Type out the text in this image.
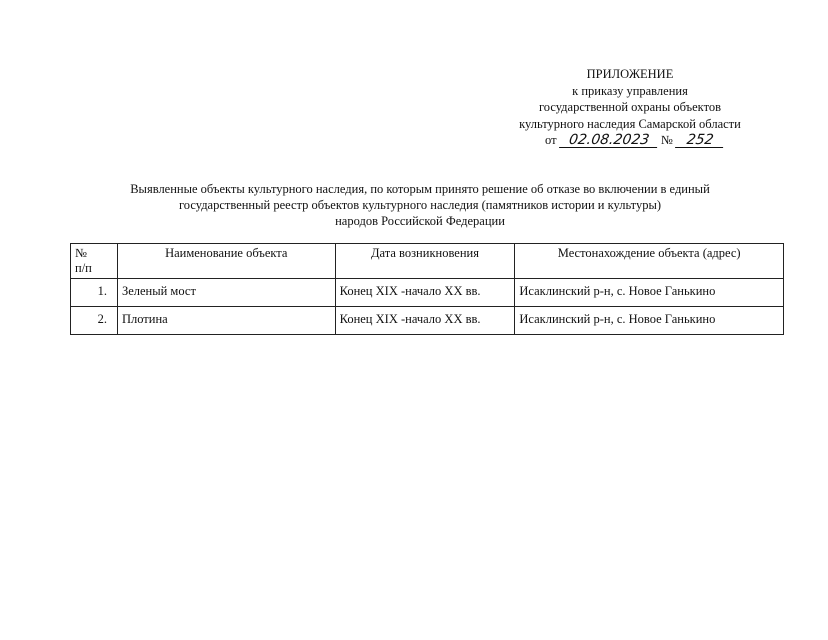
ПРИЛОЖЕНИЕ
к приказу управления
государственной охраны объектов
культурного наследия Самарской области
от 02.08.2023 № 252
Выявленные объекты культурного наследия, по которым принято решение об отказе во включении в единый
государственный реестр объектов культурного наследия (памятников истории и культуры)
народов Российской Федерации
№
п/п	Наименование объекта	Дата возникновения	Местонахождение объекта (адрес)
1.	Зеленый мост	Конец XIX -начало XX вв.	Исаклинский р-н, с. Новое Ганькино
2.	Плотина	Конец XIX -начало XX вв.	Исаклинский р-н, с. Новое Ганькино
